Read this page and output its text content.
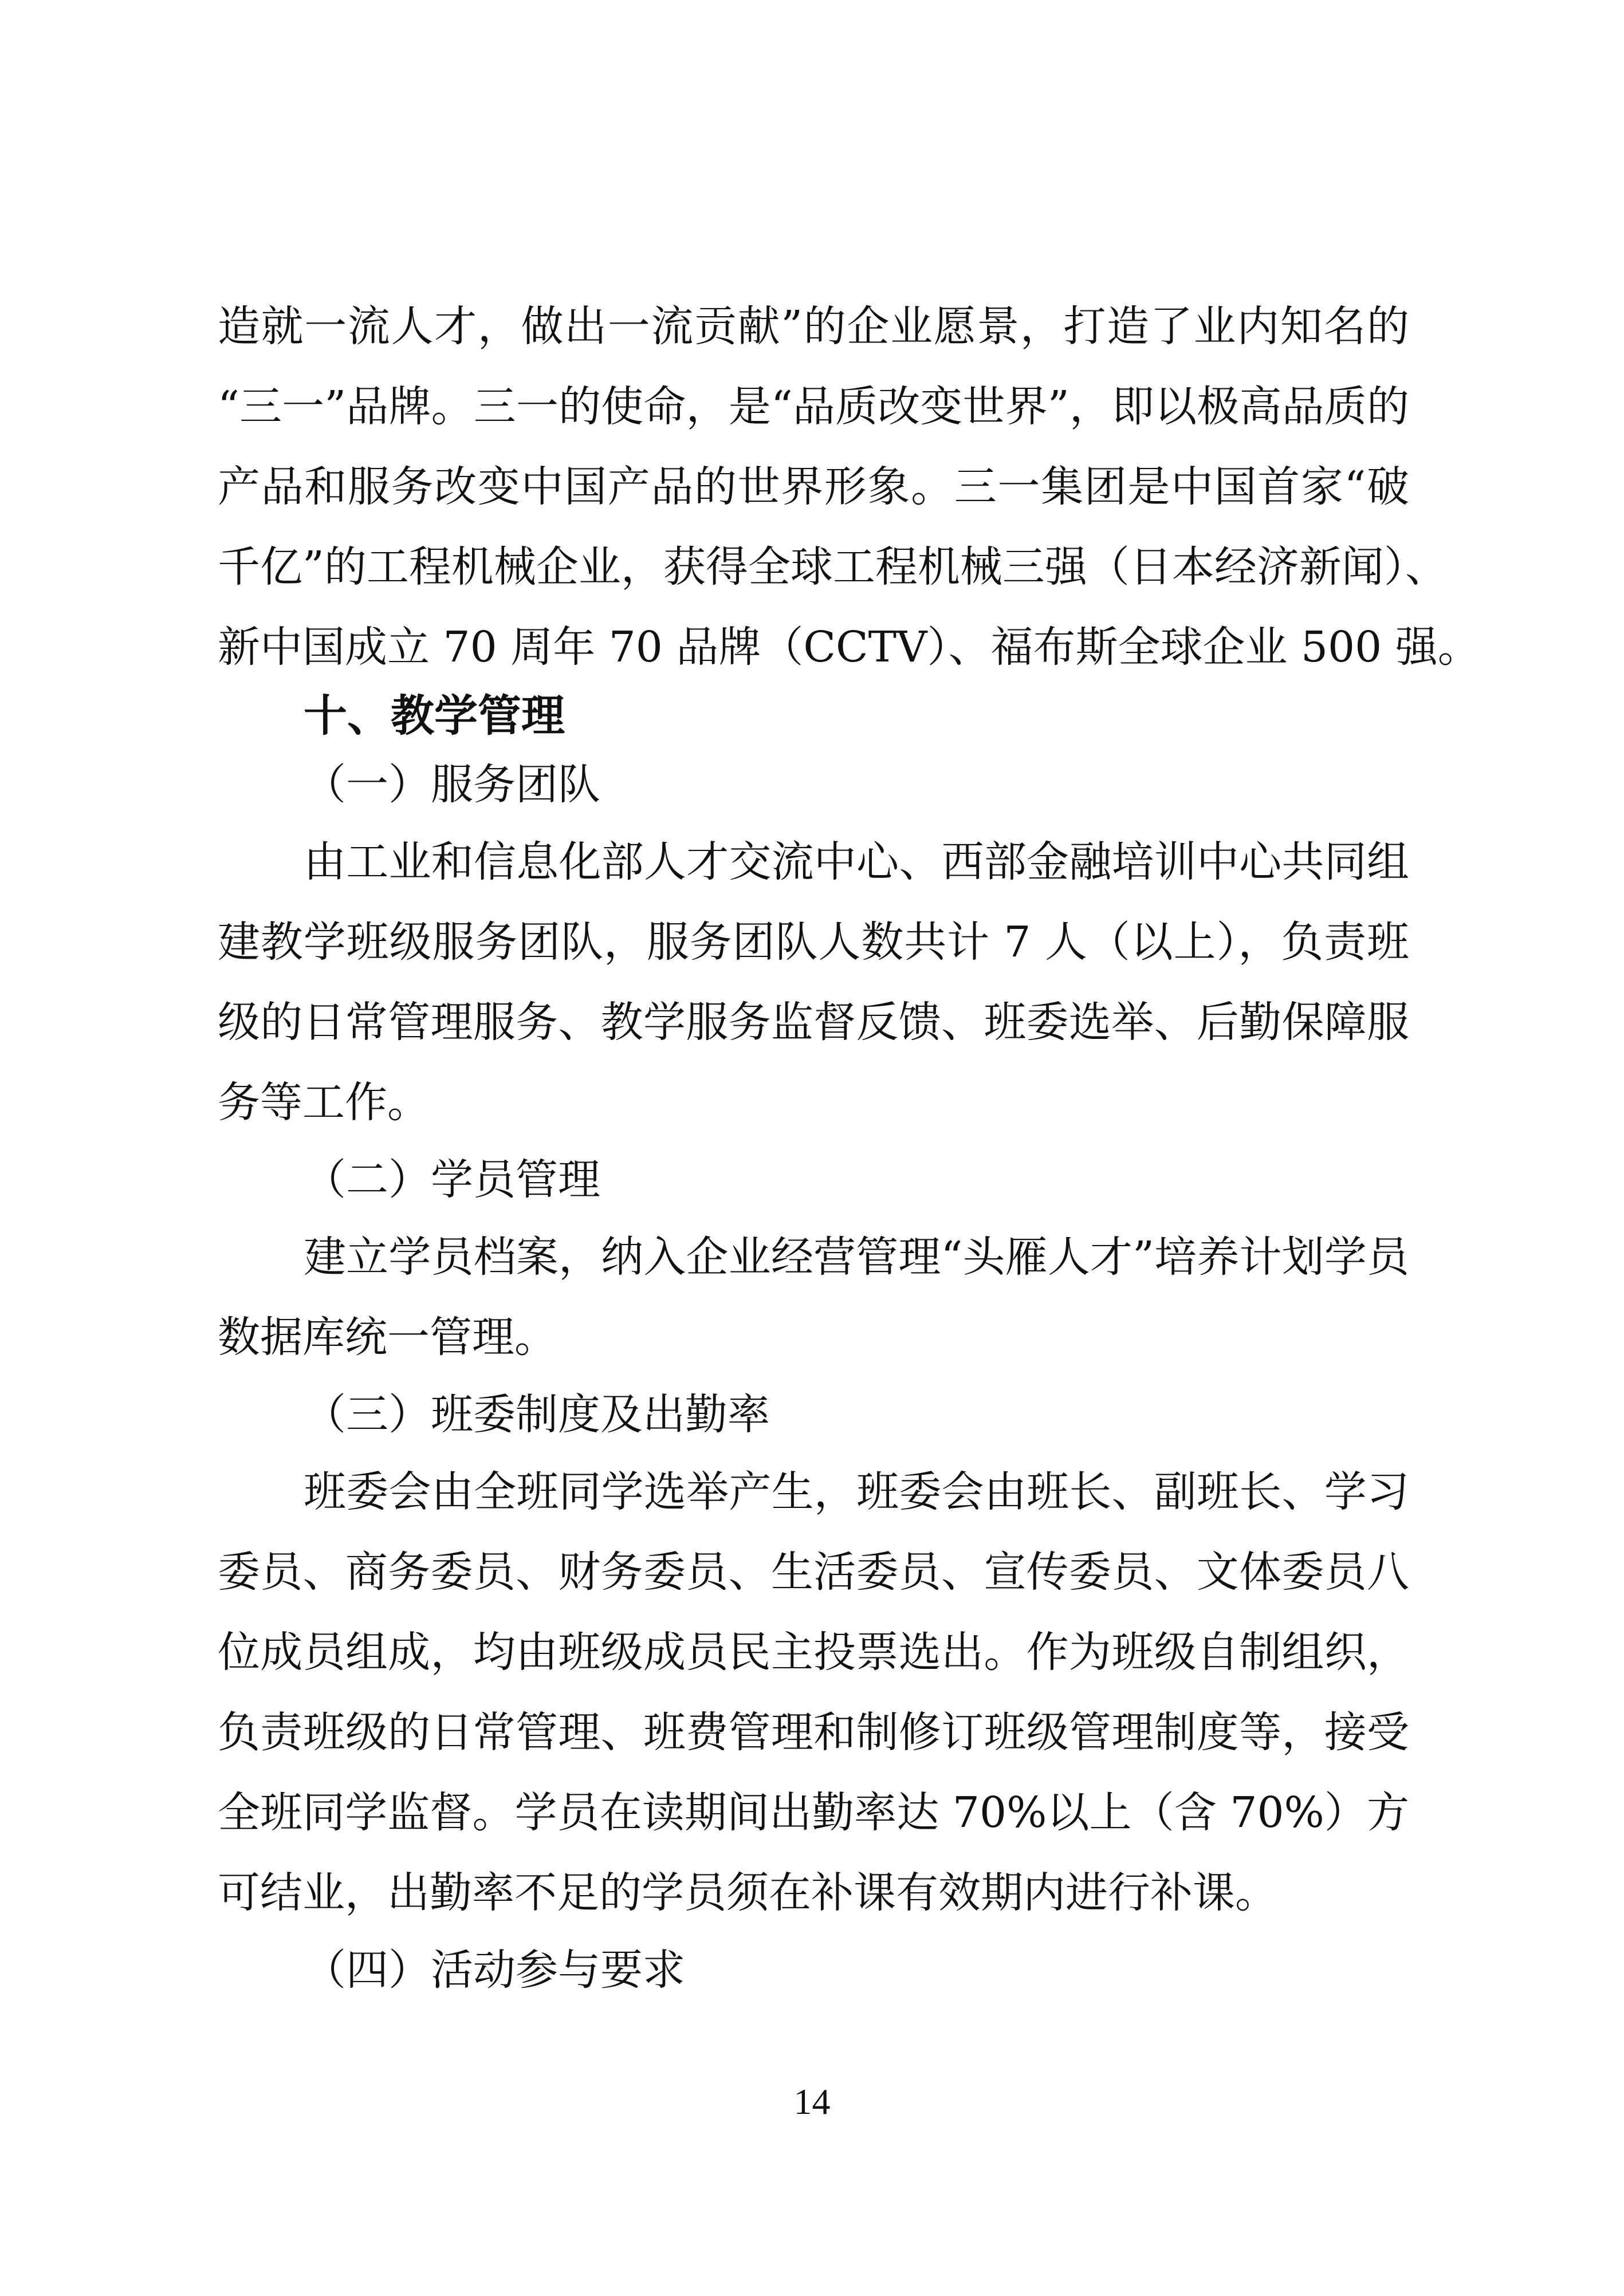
造就一流人才，做出一流贡献”的企业愿景，打造了业内知名的
“三一”品牌。三一的使命，是“品质改变世界”，即以极高品质的
产品和服务改变中国产品的世界形象。三一集团是中国首家“破
千亿”的工程机械企业，获得全球工程机械三强（日本经济新闻）、
新中国成立 70 周年 70 品牌（CCTV）、福布斯全球企业 500 强。
十、教学管理
（一）服务团队
由工业和信息化部人才交流中心、西部金融培训中心共同组
建教学班级服务团队，服务团队人数共计 7 人（以上），负责班
级的日常管理服务、教学服务监督反馈、班委选举、后勤保障服
务等工作。
（二）学员管理
建立学员档案，纳入企业经营管理“头雁人才”培养计划学员
数据库统一管理。
（三）班委制度及出勤率
班委会由全班同学选举产生，班委会由班长、副班长、学习
委员、商务委员、财务委员、生活委员、宣传委员、文体委员八
位成员组成，均由班级成员民主投票选出。作为班级自制组织，
负责班级的日常管理、班费管理和制修订班级管理制度等，接受
全班同学监督。学员在读期间出勤率达 70%以上（含 70%）方
可结业，出勤率不足的学员须在补课有效期内进行补课。
（四）活动参与要求
14
